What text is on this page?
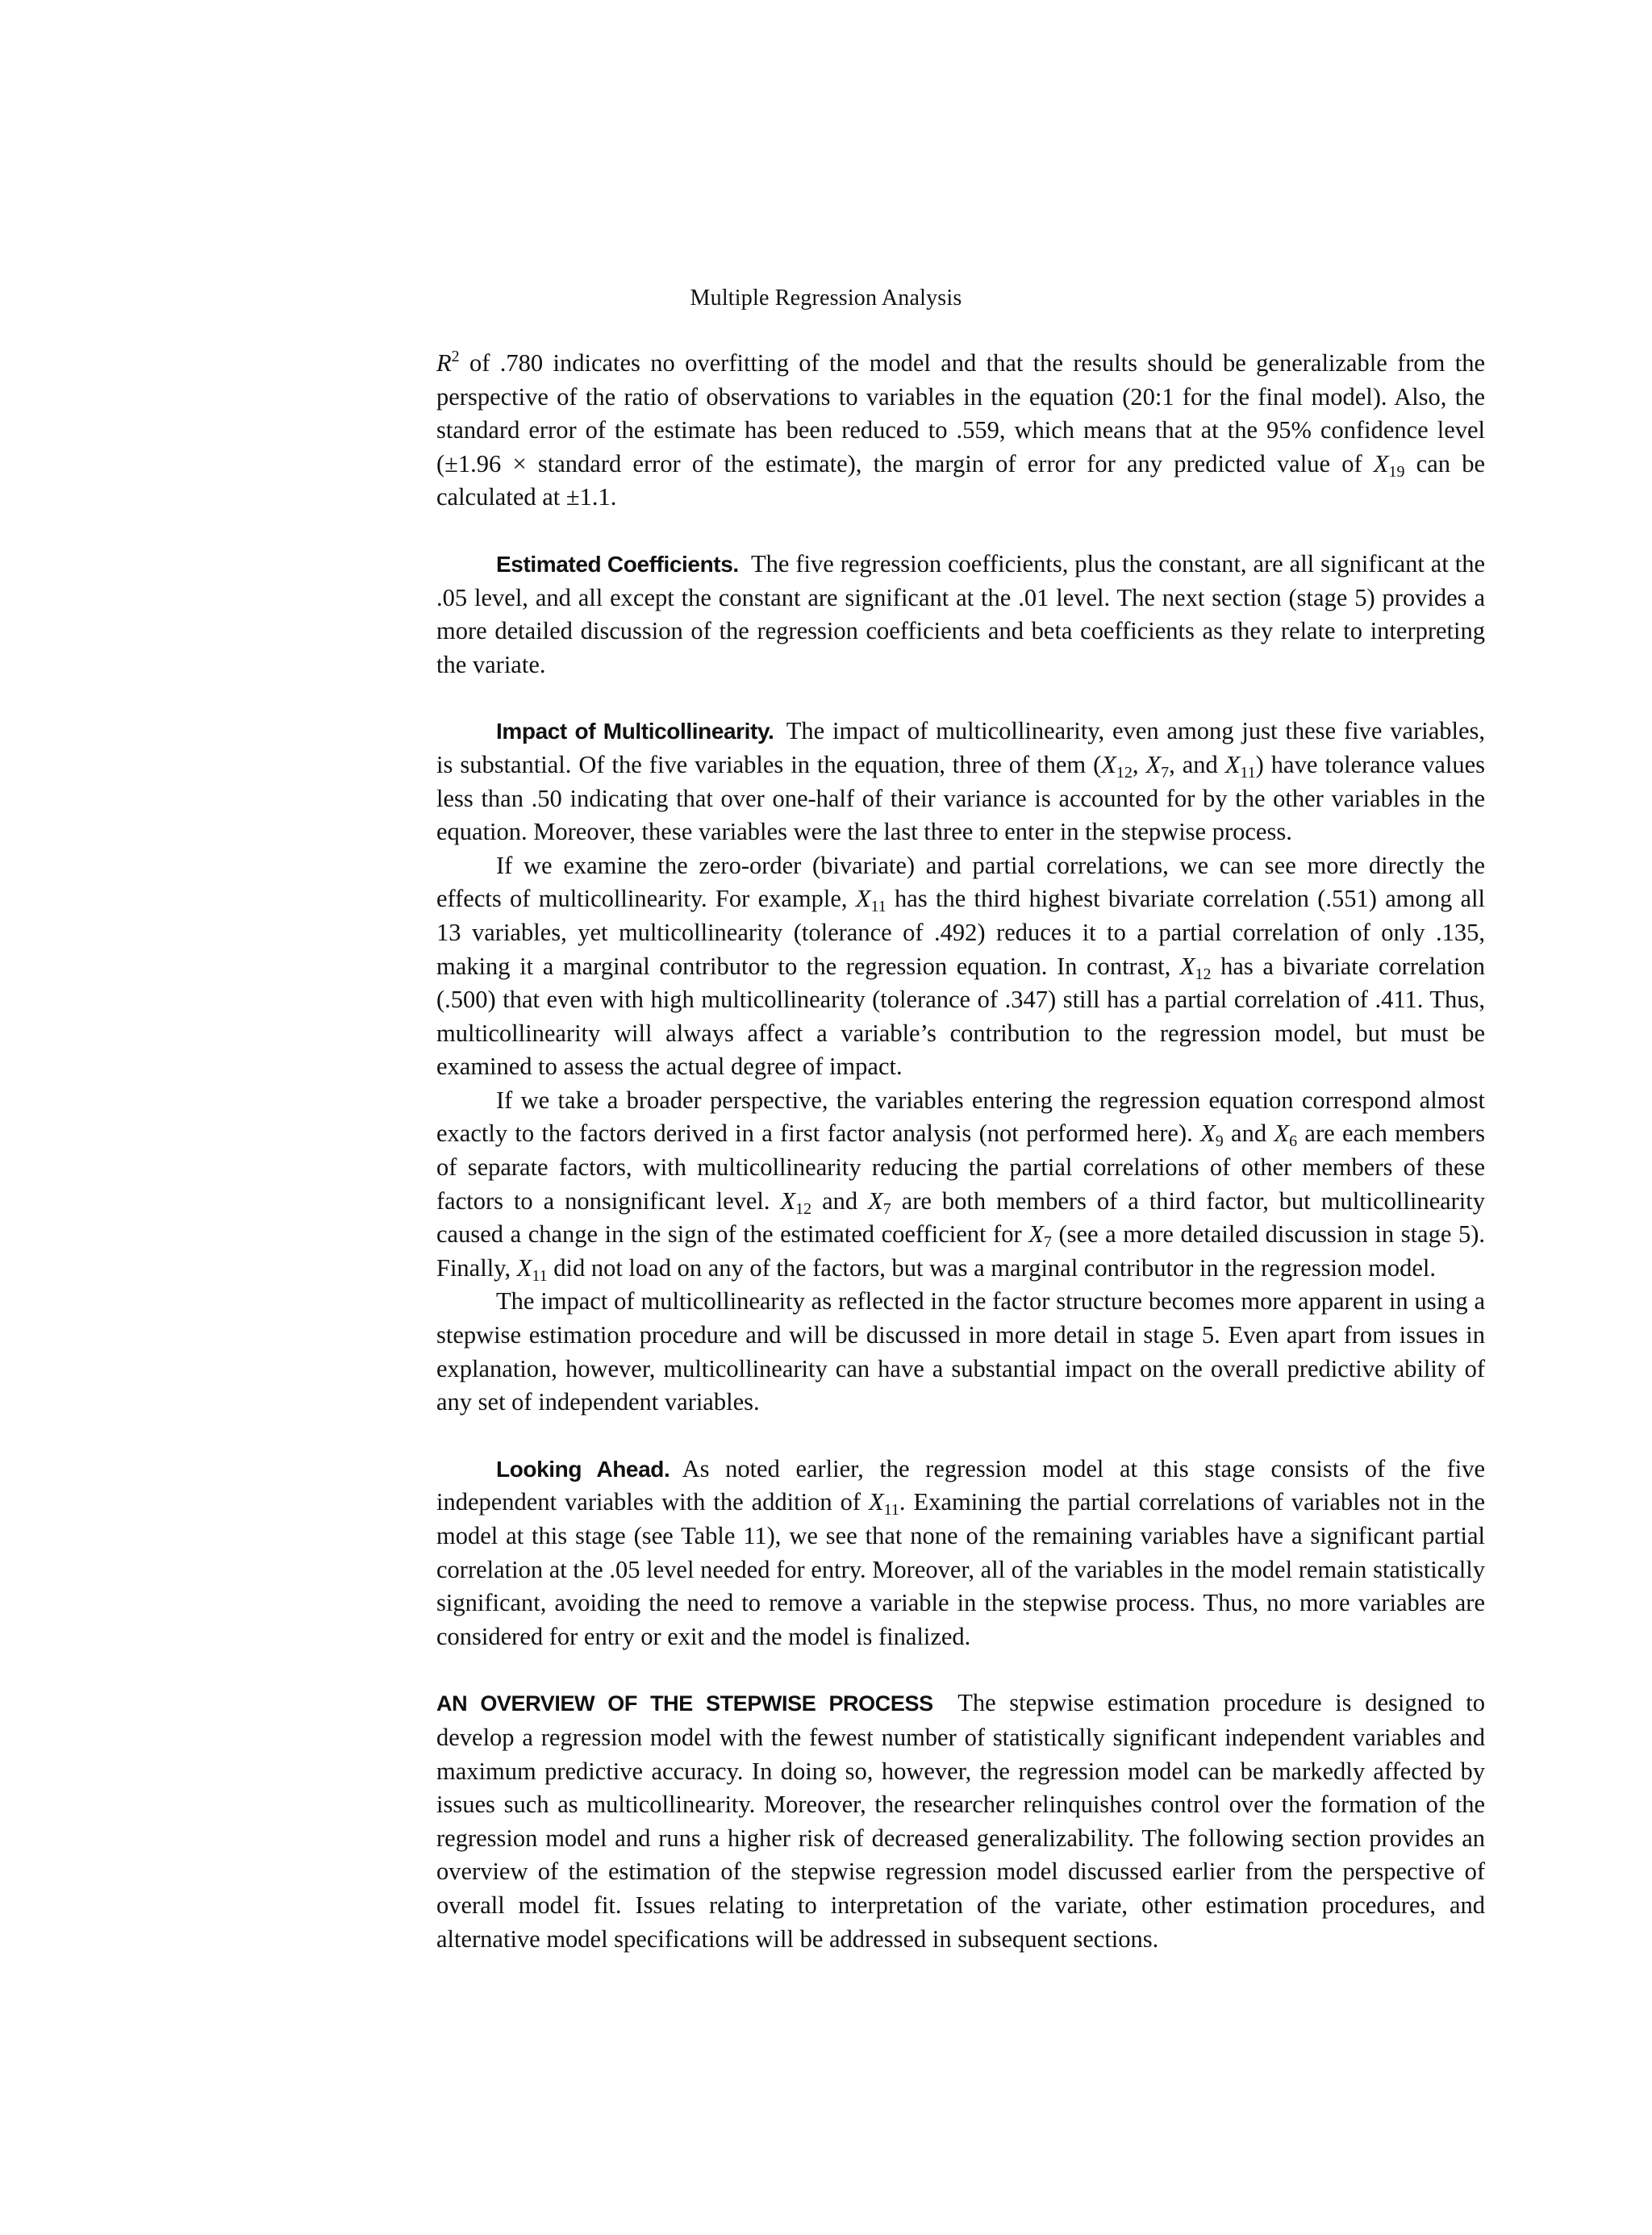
Multiple Regression Analysis

$R^2$ of .780 indicates no overfitting of the model and that the results should be generalizable from the perspective of the ratio of observations to variables in the equation (20:1 for the final model). Also, the standard error of the estimate has been reduced to .559, which means that at the 95% confidence level (±1.96 × standard error of the estimate), the margin of error for any predicted value of $X_{19}$ can be calculated at ±1.1.

Estimated Coefficients.  The five regression coefficients, plus the constant, are all significant at the .05 level, and all except the constant are significant at the .01 level. The next section (stage 5) provides a more detailed discussion of the regression coefficients and beta coefficients as they relate to interpreting the variate.

Impact of Multicollinearity.  The impact of multicollinearity, even among just these five variables, is substantial. Of the five variables in the equation, three of them ($X_{12}$, $X_7$, and $X_{11}$) have tolerance values less than .50 indicating that over one-half of their variance is accounted for by the other variables in the equation. Moreover, these variables were the last three to enter in the stepwise process.

If we examine the zero-order (bivariate) and partial correlations, we can see more directly the effects of multicollinearity. For example, $X_{11}$ has the third highest bivariate correlation (.551) among all 13 variables, yet multicollinearity (tolerance of .492) reduces it to a partial correlation of only .135, making it a marginal contributor to the regression equation. In contrast, $X_{12}$ has a bivariate correlation (.500) that even with high multicollinearity (tolerance of .347) still has a partial correlation of .411. Thus, multicollinearity will always affect a variable’s contribution to the regression model, but must be examined to assess the actual degree of impact.

If we take a broader perspective, the variables entering the regression equation correspond almost exactly to the factors derived in a first factor analysis (not performed here). $X_9$ and $X_6$ are each members of separate factors, with multicollinearity reducing the partial correlations of other members of these factors to a nonsignificant level. $X_{12}$ and $X_7$ are both members of a third factor, but multicollinearity caused a change in the sign of the estimated coefficient for $X_7$ (see a more detailed discussion in stage 5). Finally, $X_{11}$ did not load on any of the factors, but was a marginal contributor in the regression model.

The impact of multicollinearity as reflected in the factor structure becomes more apparent in using a stepwise estimation procedure and will be discussed in more detail in stage 5. Even apart from issues in explanation, however, multicollinearity can have a substantial impact on the overall predictive ability of any set of independent variables.

Looking Ahead.  As noted earlier, the regression model at this stage consists of the five independent variables with the addition of $X_{11}$. Examining the partial correlations of variables not in the model at this stage (see Table 11), we see that none of the remaining variables have a significant partial correlation at the .05 level needed for entry. Moreover, all of the variables in the model remain statistically significant, avoiding the need to remove a variable in the stepwise process. Thus, no more variables are considered for entry or exit and the model is finalized.

AN OVERVIEW OF THE STEPWISE PROCESS  The stepwise estimation procedure is designed to develop a regression model with the fewest number of statistically significant independent variables and maximum predictive accuracy. In doing so, however, the regression model can be markedly affected by issues such as multicollinearity. Moreover, the researcher relinquishes control over the formation of the regression model and runs a higher risk of decreased generalizability. The following section provides an overview of the estimation of the stepwise regression model discussed earlier from the perspective of overall model fit. Issues relating to interpretation of the variate, other estimation procedures, and alternative model specifications will be addressed in subsequent sections.
